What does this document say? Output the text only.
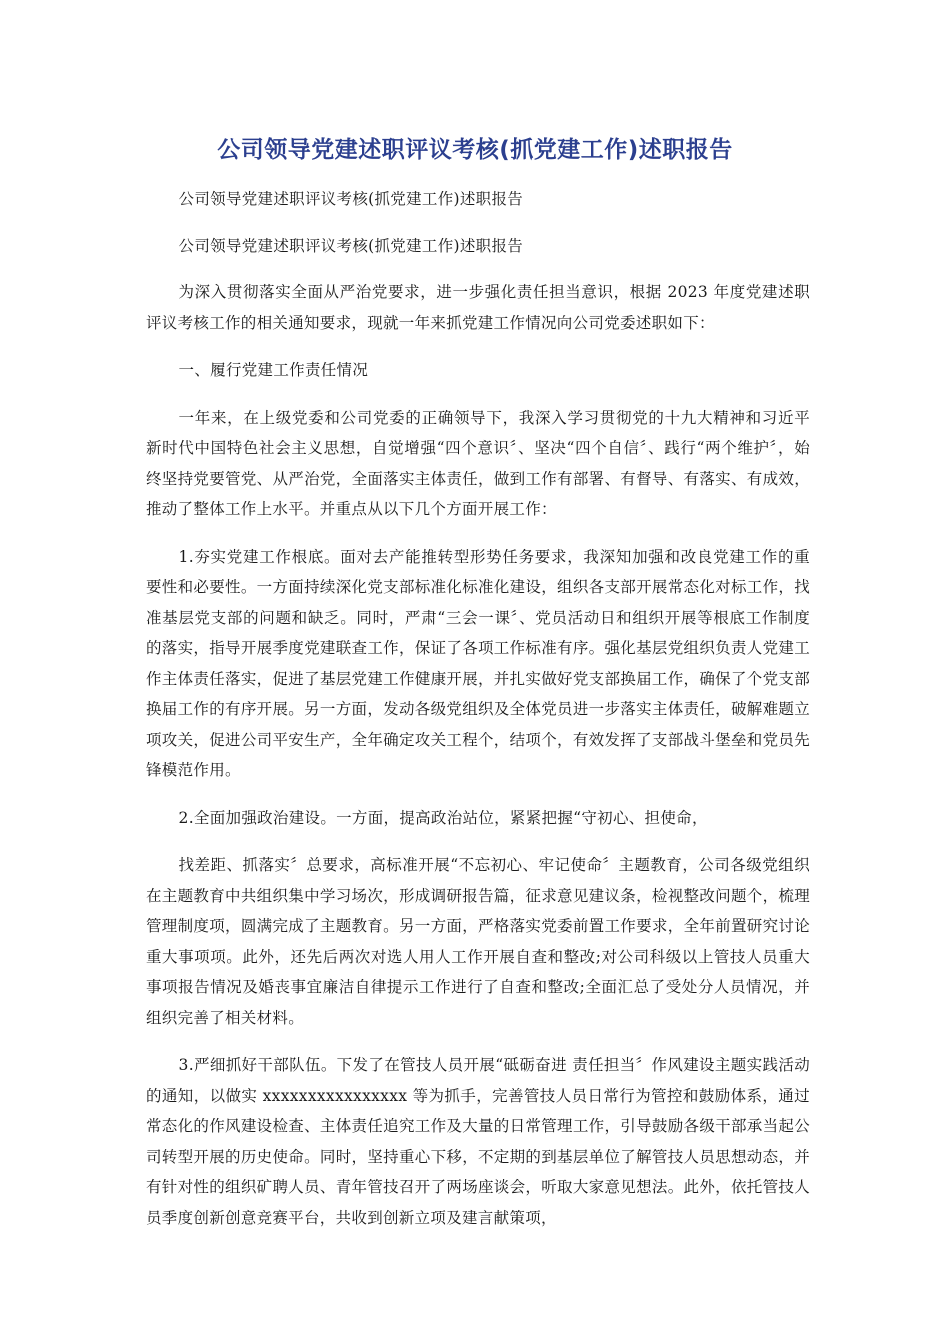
公司领导党建述职评议考核(抓党建工作)述职报告

公司领导党建述职评议考核(抓党建工作)述职报告

公司领导党建述职评议考核(抓党建工作)述职报告

为深入贯彻落实全面从严治党要求，进一步强化责任担当意识，根据 2023 年度党建述职评议考核工作的相关通知要求，现就一年来抓党建工作情况向公司党委述职如下：

一、履行党建工作责任情况

一年来，在上级党委和公司党委的正确领导下，我深入学习贯彻党的十九大精神和习近平新时代中国特色社会主义思想，自觉增强“四个意识〞、坚决“四个自信〞、践行“两个维护〞，始终坚持党要管党、从严治党，全面落实主体责任，做到工作有部署、有督导、有落实、有成效，推动了整体工作上水平。并重点从以下几个方面开展工作：

1.夯实党建工作根底。面对去产能推转型形势任务要求，我深知加强和改良党建工作的重要性和必要性。一方面持续深化党支部标准化标准化建设，组织各支部开展常态化对标工作，找准基层党支部的问题和缺乏。同时，严肃“三会一课〞、党员活动日和组织开展等根底工作制度的落实，指导开展季度党建联查工作，保证了各项工作标准有序。强化基层党组织负责人党建工作主体责任落实，促进了基层党建工作健康开展，并扎实做好党支部换届工作，确保了个党支部换届工作的有序开展。另一方面，发动各级党组织及全体党员进一步落实主体责任，破解难题立项攻关，促进公司平安生产，全年确定攻关工程个，结项个，有效发挥了支部战斗堡垒和党员先锋模范作用。

2.全面加强政治建设。一方面，提高政治站位，紧紧把握“守初心、担使命，

找差距、抓落实〞总要求，高标准开展“不忘初心、牢记使命〞主题教育，公司各级党组织在主题教育中共组织集中学习场次，形成调研报告篇，征求意见建议条，检视整改问题个，梳理管理制度项，圆满完成了主题教育。另一方面，严格落实党委前置工作要求，全年前置研究讨论重大事项项。此外，还先后两次对选人用人工作开展自查和整改;对公司科级以上管技人员重大事项报告情况及婚丧事宜廉洁自律提示工作进行了自查和整改;全面汇总了受处分人员情况，并组织完善了相关材料。

3.严细抓好干部队伍。下发了在管技人员开展“砥砺奋进 责任担当〞作风建设主题实践活动的通知，以做实 xxxxxxxxxxxxxxxx 等为抓手，完善管技人员日常行为管控和鼓励体系，通过常态化的作风建设检查、主体责任追究工作及大量的日常管理工作，引导鼓励各级干部承当起公司转型开展的历史使命。同时，坚持重心下移，不定期的到基层单位了解管技人员思想动态，并有针对性的组织矿聘人员、青年管技召开了两场座谈会，听取大家意见想法。此外，依托管技人员季度创新创意竞赛平台，共收到创新立项及建言献策项，
